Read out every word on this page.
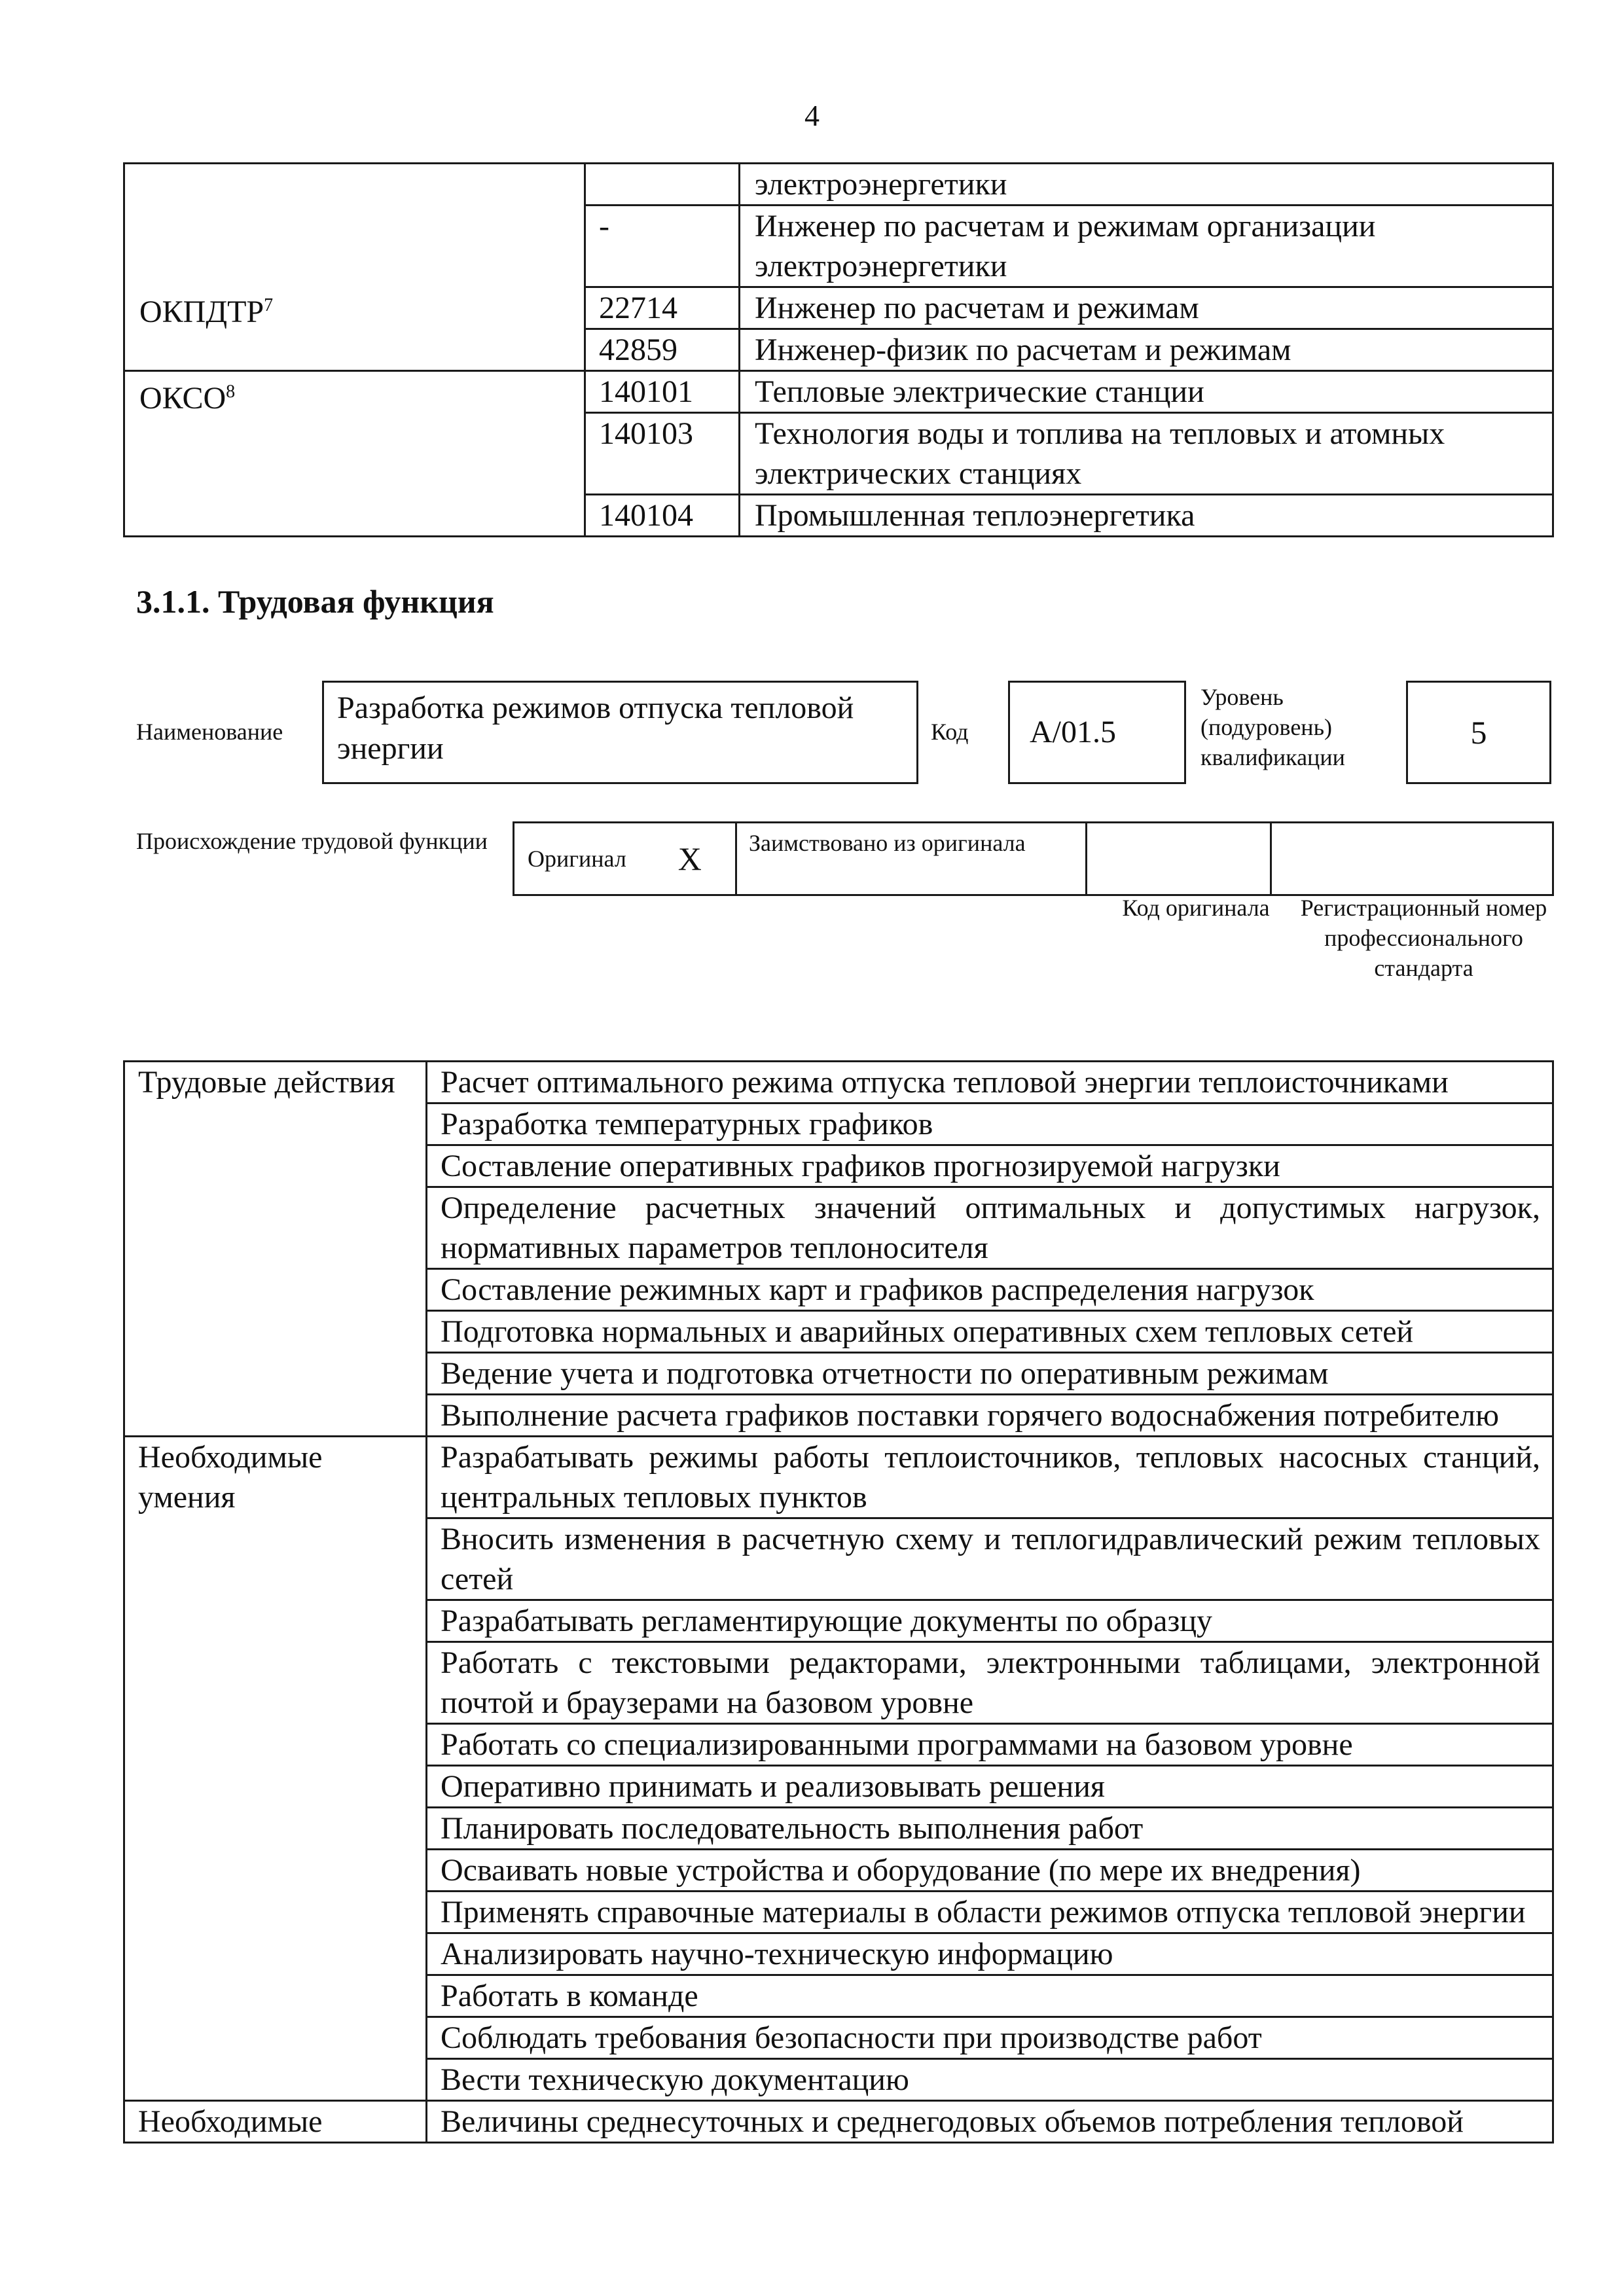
4
ОКПДТР$^7$		электроэнергетики
	-	Инженер по расчетам и режимам организации электроэнергетики
	22714	Инженер по расчетам и режимам
	42859	Инженер-физик по расчетам и режимам
ОКСО$^8$	140101	Тепловые электрические станции
	140103	Технология воды и топлива на тепловых и атомных электрических станциях
	140104	Промышленная теплоэнергетика
3.1.1. Трудовая функция
Наименование
Разработка режимов отпуска тепловой энергии	Код	А/01.5
Уровень (подуровень) квалификации
5
Происхождение трудовой функции
Оригинал	X	Заимствовано из оригинала		
Код оригинала	Регистрационный номер профессионального стандарта
Трудовые действия	Расчет оптимального режима отпуска тепловой энергии теплоисточниками
	Разработка температурных графиков
	Составление оперативных графиков прогнозируемой нагрузки
	Определение расчетных значений оптимальных и допустимых нагрузок, нормативных параметров теплоносителя
	Составление режимных карт и графиков распределения нагрузок
	Подготовка нормальных и аварийных оперативных схем тепловых сетей
	Ведение учета и подготовка отчетности по оперативным режимам
	Выполнение расчета графиков поставки горячего водоснабжения потребителю
Необходимые умения	Разрабатывать режимы работы теплоисточников, тепловых насосных станций, центральных тепловых пунктов
	Вносить изменения в расчетную схему и теплогидравлический режим тепловых сетей
	Разрабатывать регламентирующие документы по образцу
	Работать с текстовыми редакторами, электронными таблицами, электронной почтой и браузерами на базовом уровне
	Работать со специализированными программами на базовом уровне
	Оперативно принимать и реализовывать решения
	Планировать последовательность выполнения работ
	Осваивать новые устройства и оборудование (по мере их внедрения)
	Применять справочные материалы в области режимов отпуска тепловой энергии
	Анализировать научно-техническую информацию
	Работать в команде
	Соблюдать требования безопасности при производстве работ
	Вести техническую документацию
Необходимые	Величины среднесуточных и среднегодовых объемов потребления тепловой
